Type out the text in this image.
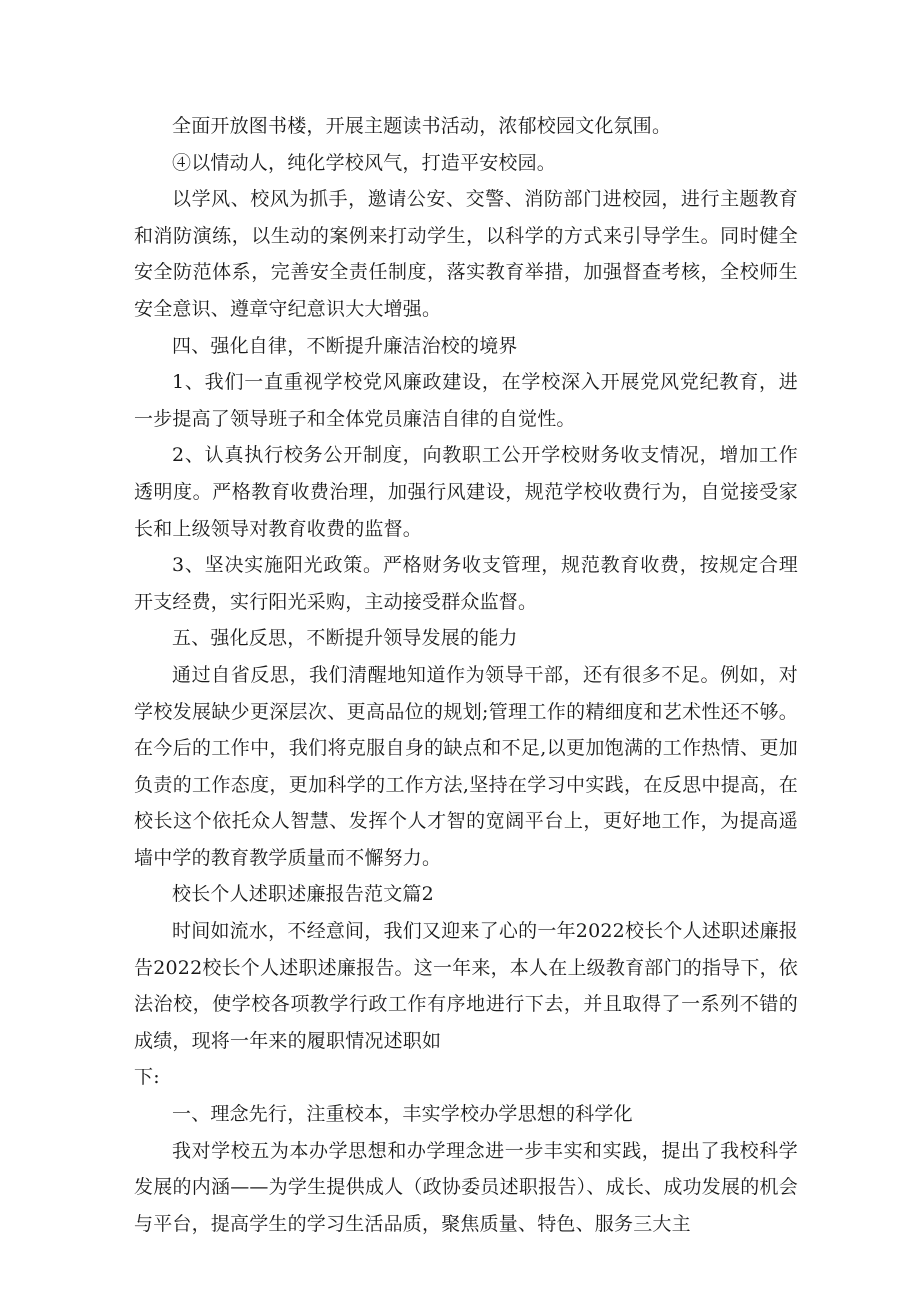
全面开放图书楼，开展主题读书活动，浓郁校园文化氛围。

④以情动人，纯化学校风气，打造平安校园。

以学风、校风为抓手，邀请公安、交警、消防部门进校园，进行主题教育和消防演练，以生动的案例来打动学生，以科学的方式来引导学生。同时健全安全防范体系，完善安全责任制度，落实教育举措，加强督查考核，全校师生安全意识、遵章守纪意识大大增强。

四、强化自律，不断提升廉洁治校的境界

1、我们一直重视学校党风廉政建设，在学校深入开展党风党纪教育，进一步提高了领导班子和全体党员廉洁自律的自觉性。

2、认真执行校务公开制度，向教职工公开学校财务收支情况，增加工作透明度。严格教育收费治理，加强行风建设，规范学校收费行为，自觉接受家长和上级领导对教育收费的监督。

3、坚决实施阳光政策。严格财务收支管理，规范教育收费，按规定合理开支经费，实行阳光采购，主动接受群众监督。

五、强化反思，不断提升领导发展的能力

通过自省反思，我们清醒地知道作为领导干部，还有很多不足。例如，对学校发展缺少更深层次、更高品位的规划;管理工作的精细度和艺术性还不够。在今后的工作中，我们将克服自身的缺点和不足,以更加饱满的工作热情、更加负责的工作态度，更加科学的工作方法,坚持在学习中实践，在反思中提高，在校长这个依托众人智慧、发挥个人才智的宽阔平台上，更好地工作，为提高遥墙中学的教育教学质量而不懈努力。

校长个人述职述廉报告范文篇2

时间如流水，不经意间，我们又迎来了心的一年2022校长个人述职述廉报告2022校长个人述职述廉报告。这一年来，本人在上级教育部门的指导下，依法治校，使学校各项教学行政工作有序地进行下去，并且取得了一系列不错的成绩，现将一年来的履职情况述职如

下:

一、理念先行，注重校本，丰实学校办学思想的科学化

我对学校五为本办学思想和办学理念进一步丰实和实践，提出了我校科学发展的内涵——为学生提供成人（政协委员述职报告）、成长、成功发展的机会与平台，提高学生的学习生活品质，聚焦质量、特色、服务三大主
